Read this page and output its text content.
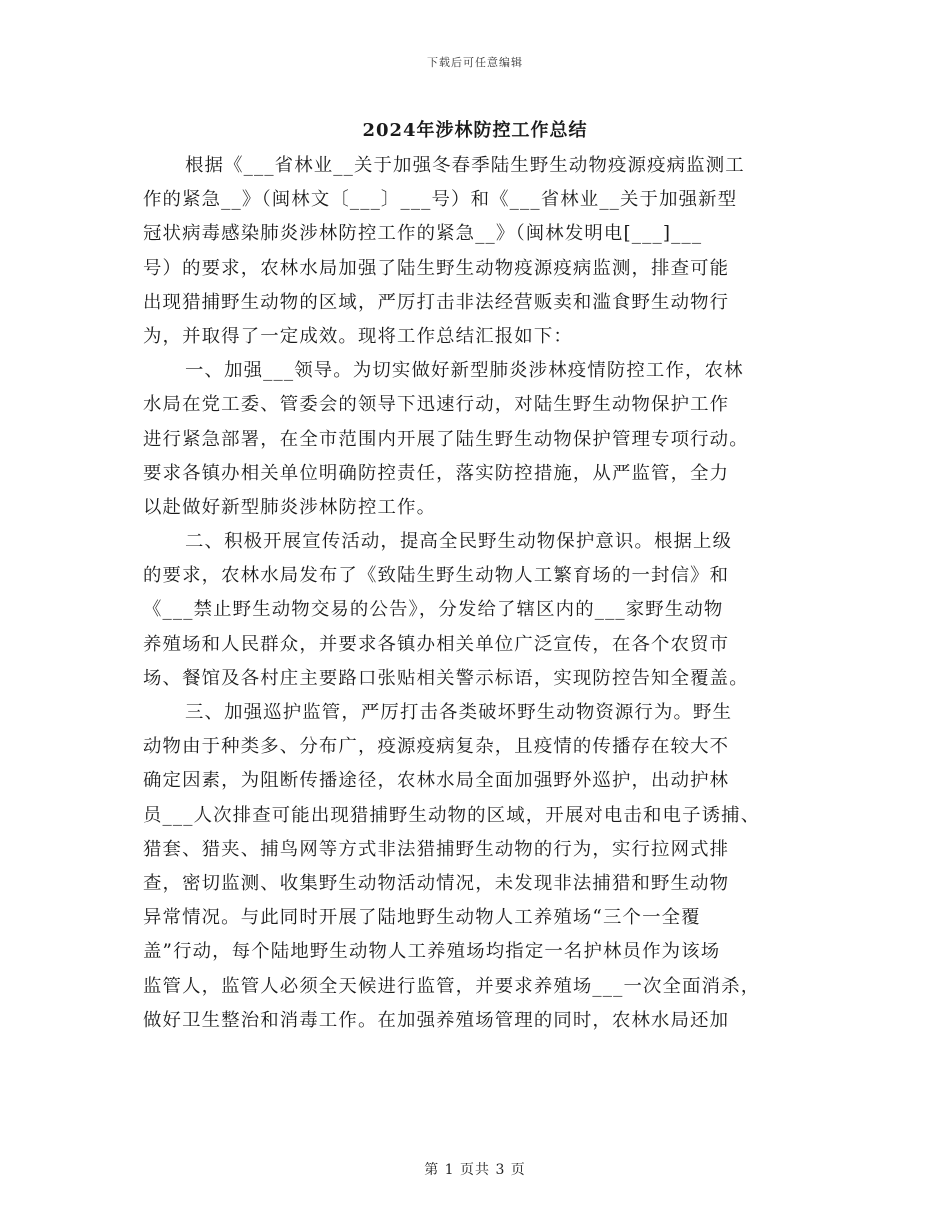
下载后可任意编辑
2024年涉林防控工作总结
根据《___省林业__关于加强冬春季陆生野生动物疫源疫病监测工
作的紧急__》（闽林文〔___〕___号）和《___省林业__关于加强新型
冠状病毒感染肺炎涉林防控工作的紧急__》（闽林发明电[___]___
号）的要求，农林水局加强了陆生野生动物疫源疫病监测，排查可能
出现猎捕野生动物的区域，严厉打击非法经营贩卖和滥食野生动物行
为，并取得了一定成效。现将工作总结汇报如下：
一、加强___领导。为切实做好新型肺炎涉林疫情防控工作，农林
水局在党工委、管委会的领导下迅速行动，对陆生野生动物保护工作
进行紧急部署，在全市范围内开展了陆生野生动物保护管理专项行动。
要求各镇办相关单位明确防控责任，落实防控措施，从严监管，全力
以赴做好新型肺炎涉林防控工作。
二、积极开展宣传活动，提高全民野生动物保护意识。根据上级
的要求，农林水局发布了《致陆生野生动物人工繁育场的一封信》和
《___禁止野生动物交易的公告》，分发给了辖区内的___家野生动物
养殖场和人民群众，并要求各镇办相关单位广泛宣传，在各个农贸市
场、餐馆及各村庄主要路口张贴相关警示标语，实现防控告知全覆盖。
三、加强巡护监管，严厉打击各类破坏野生动物资源行为。野生
动物由于种类多、分布广，疫源疫病复杂，且疫情的传播存在较大不
确定因素，为阻断传播途径，农林水局全面加强野外巡护，出动护林
员___人次排查可能出现猎捕野生动物的区域，开展对电击和电子诱捕、
猎套、猎夹、捕鸟网等方式非法猎捕野生动物的行为，实行拉网式排
查，密切监测、收集野生动物活动情况，未发现非法捕猎和野生动物
异常情况。与此同时开展了陆地野生动物人工养殖场“三个一全覆
盖”行动，每个陆地野生动物人工养殖场均指定一名护林员作为该场
监管人，监管人必须全天候进行监管，并要求养殖场___一次全面消杀，
做好卫生整治和消毒工作。在加强养殖场管理的同时，农林水局还加
第 1 页共 3 页
